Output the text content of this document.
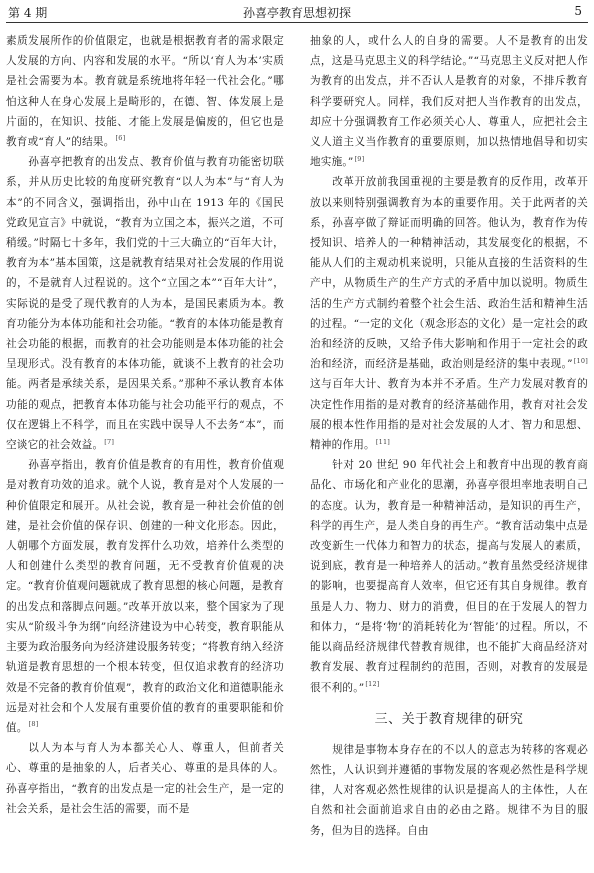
第 4 期	孙喜亭教育思想初探	5

素质发展所作的价值限定，也就是根据教育者的需求限定人发展的方向、内容和发展的水平。“所以‘育人为本’实质是社会需要为本。教育就是系统地将年轻一代社会化。”哪怕这种人在身心发展上是畸形的，在德、智、体发展上是片面的，在知识、技能、才能上发展是偏废的，但它也是教育或“育人”的结果。[6]

孙喜亭把教育的出发点、教育价值与教育功能密切联系，并从历史比较的角度研究教育“以人为本”与“育人为本”的不同含义，强调指出，孙中山在 1913 年的《国民党政见宣言》中就说，“教育为立国之本，振兴之道，不可稍缓。”时隔七十多年，我们党的十三大确立的“百年大计，教育为本”基本国策，这是就教育结果对社会发展的作用说的，不是就育人过程说的。这个“立国之本”“百年大计”，实际说的是受了现代教育的人为本，是国民素质为本。教育功能分为本体功能和社会功能。“教育的本体功能是教育社会功能的根据，而教育的社会功能则是本体功能的社会呈现形式。没有教育的本体功能，就谈不上教育的社会功能。两者是承续关系，是因果关系。”那种不承认教育本体功能的观点，把教育本体功能与社会功能平行的观点，不仅在逻辑上不科学，而且在实践中误导人不去务“本”，而空谈它的社会效益。[7]

孙喜亭指出，教育价值是教育的有用性，教育价值观是对教育功效的追求。就个人说，教育是对个人发展的一种价值限定和展开。从社会说，教育是一种社会价值的创建，是社会价值的保存识、创建的一种文化形态。因此，人朝哪个方面发展，教育发挥什么功效，培养什么类型的人和创建什么类型的教育问题，无不受教育价值观的决定。“教育价值观问题就成了教育思想的核心问题，是教育的出发点和落脚点问题。”改革开放以来，整个国家为了现实从“阶级斗争为纲”向经济建设为中心转变，教育职能从主要为政治服务向为经济建设服务转变；“将教育纳入经济轨道是教育思想的一个根本转变，但仅追求教育的经济功效是不完备的教育价值观”，教育的政治文化和道德职能永远是对社会和个人发展有重要价值的教育的重要职能和价值。[8]

以人为本与育人为本都关心人、尊重人，但前者关心、尊重的是抽象的人，后者关心、尊重的是具体的人。孙喜亭指出，“教育的出发点是一定的社会生产，是一定的社会关系，是社会生活的需要，而不是

抽象的人，或什么人的自身的需要。人不是教育的出发点，这是马克思主义的科学结论。”“马克思主义反对把人作为教育的出发点，并不否认人是教育的对象，不排斥教育科学要研究人。同样，我们反对把人当作教育的出发点，却应十分强调教育工作必须关心人、尊重人，应把社会主义人道主义当作教育的重要原则，加以热情地倡导和切实地实施。”[9]

改革开放前我国重视的主要是教育的反作用，改革开放以来则特别强调教育为本的重要作用。关于此两者的关系，孙喜亭做了辩证而明确的回答。他认为，教育作为传授知识、培养人的一种精神活动，其发展变化的根据，不能从人们的主观动机来说明，只能从直接的生活资料的生产中，从物质生产的生产方式的矛盾中加以说明。物质生活的生产方式制约着整个社会生活、政治生活和精神生活的过程。“一定的文化（观念形态的文化）是一定社会的政治和经济的反映，又给予伟大影响和作用于一定社会的政治和经济，而经济是基础，政治则是经济的集中表现。”[10]这与百年大计、教育为本并不矛盾。生产力发展对教育的决定性作用指的是对教育的经济基础作用，教育对社会发展的根本性作用指的是对社会发展的人才、智力和思想、精神的作用。[11]

针对 20 世纪 90 年代社会上和教育中出现的教育商品化、市场化和产业化的思潮，孙喜亭很坦率地表明自己的态度。认为，教育是一种精神活动，是知识的再生产，科学的再生产，是人类自身的再生产。“教育活动集中点是改变新生一代体力和智力的状态，提高与发展人的素质，说到底，教育是一种培养人的活动。”教育虽然受经济规律的影响，也要提高育人效率，但它还有其自身规律。教育虽是人力、物力、财力的消费，但目的在于发展人的智力和体力，“是将‘物’的消耗转化为‘智能’的过程。所以，不能以商品经济规律代替教育规律，也不能扩大商品经济对教育发展、教育过程制约的范围，否则，对教育的发展是很不利的。”[12]

三、关于教育规律的研究

规律是事物本身存在的不以人的意志为转移的客观必然性，人认识到并遵循的事物发展的客观必然性是科学规律，人对客观必然性规律的认识是提高人的主体性，人在自然和社会面前追求自由的必由之路。规律不为目的服务，但为目的选择。自由
